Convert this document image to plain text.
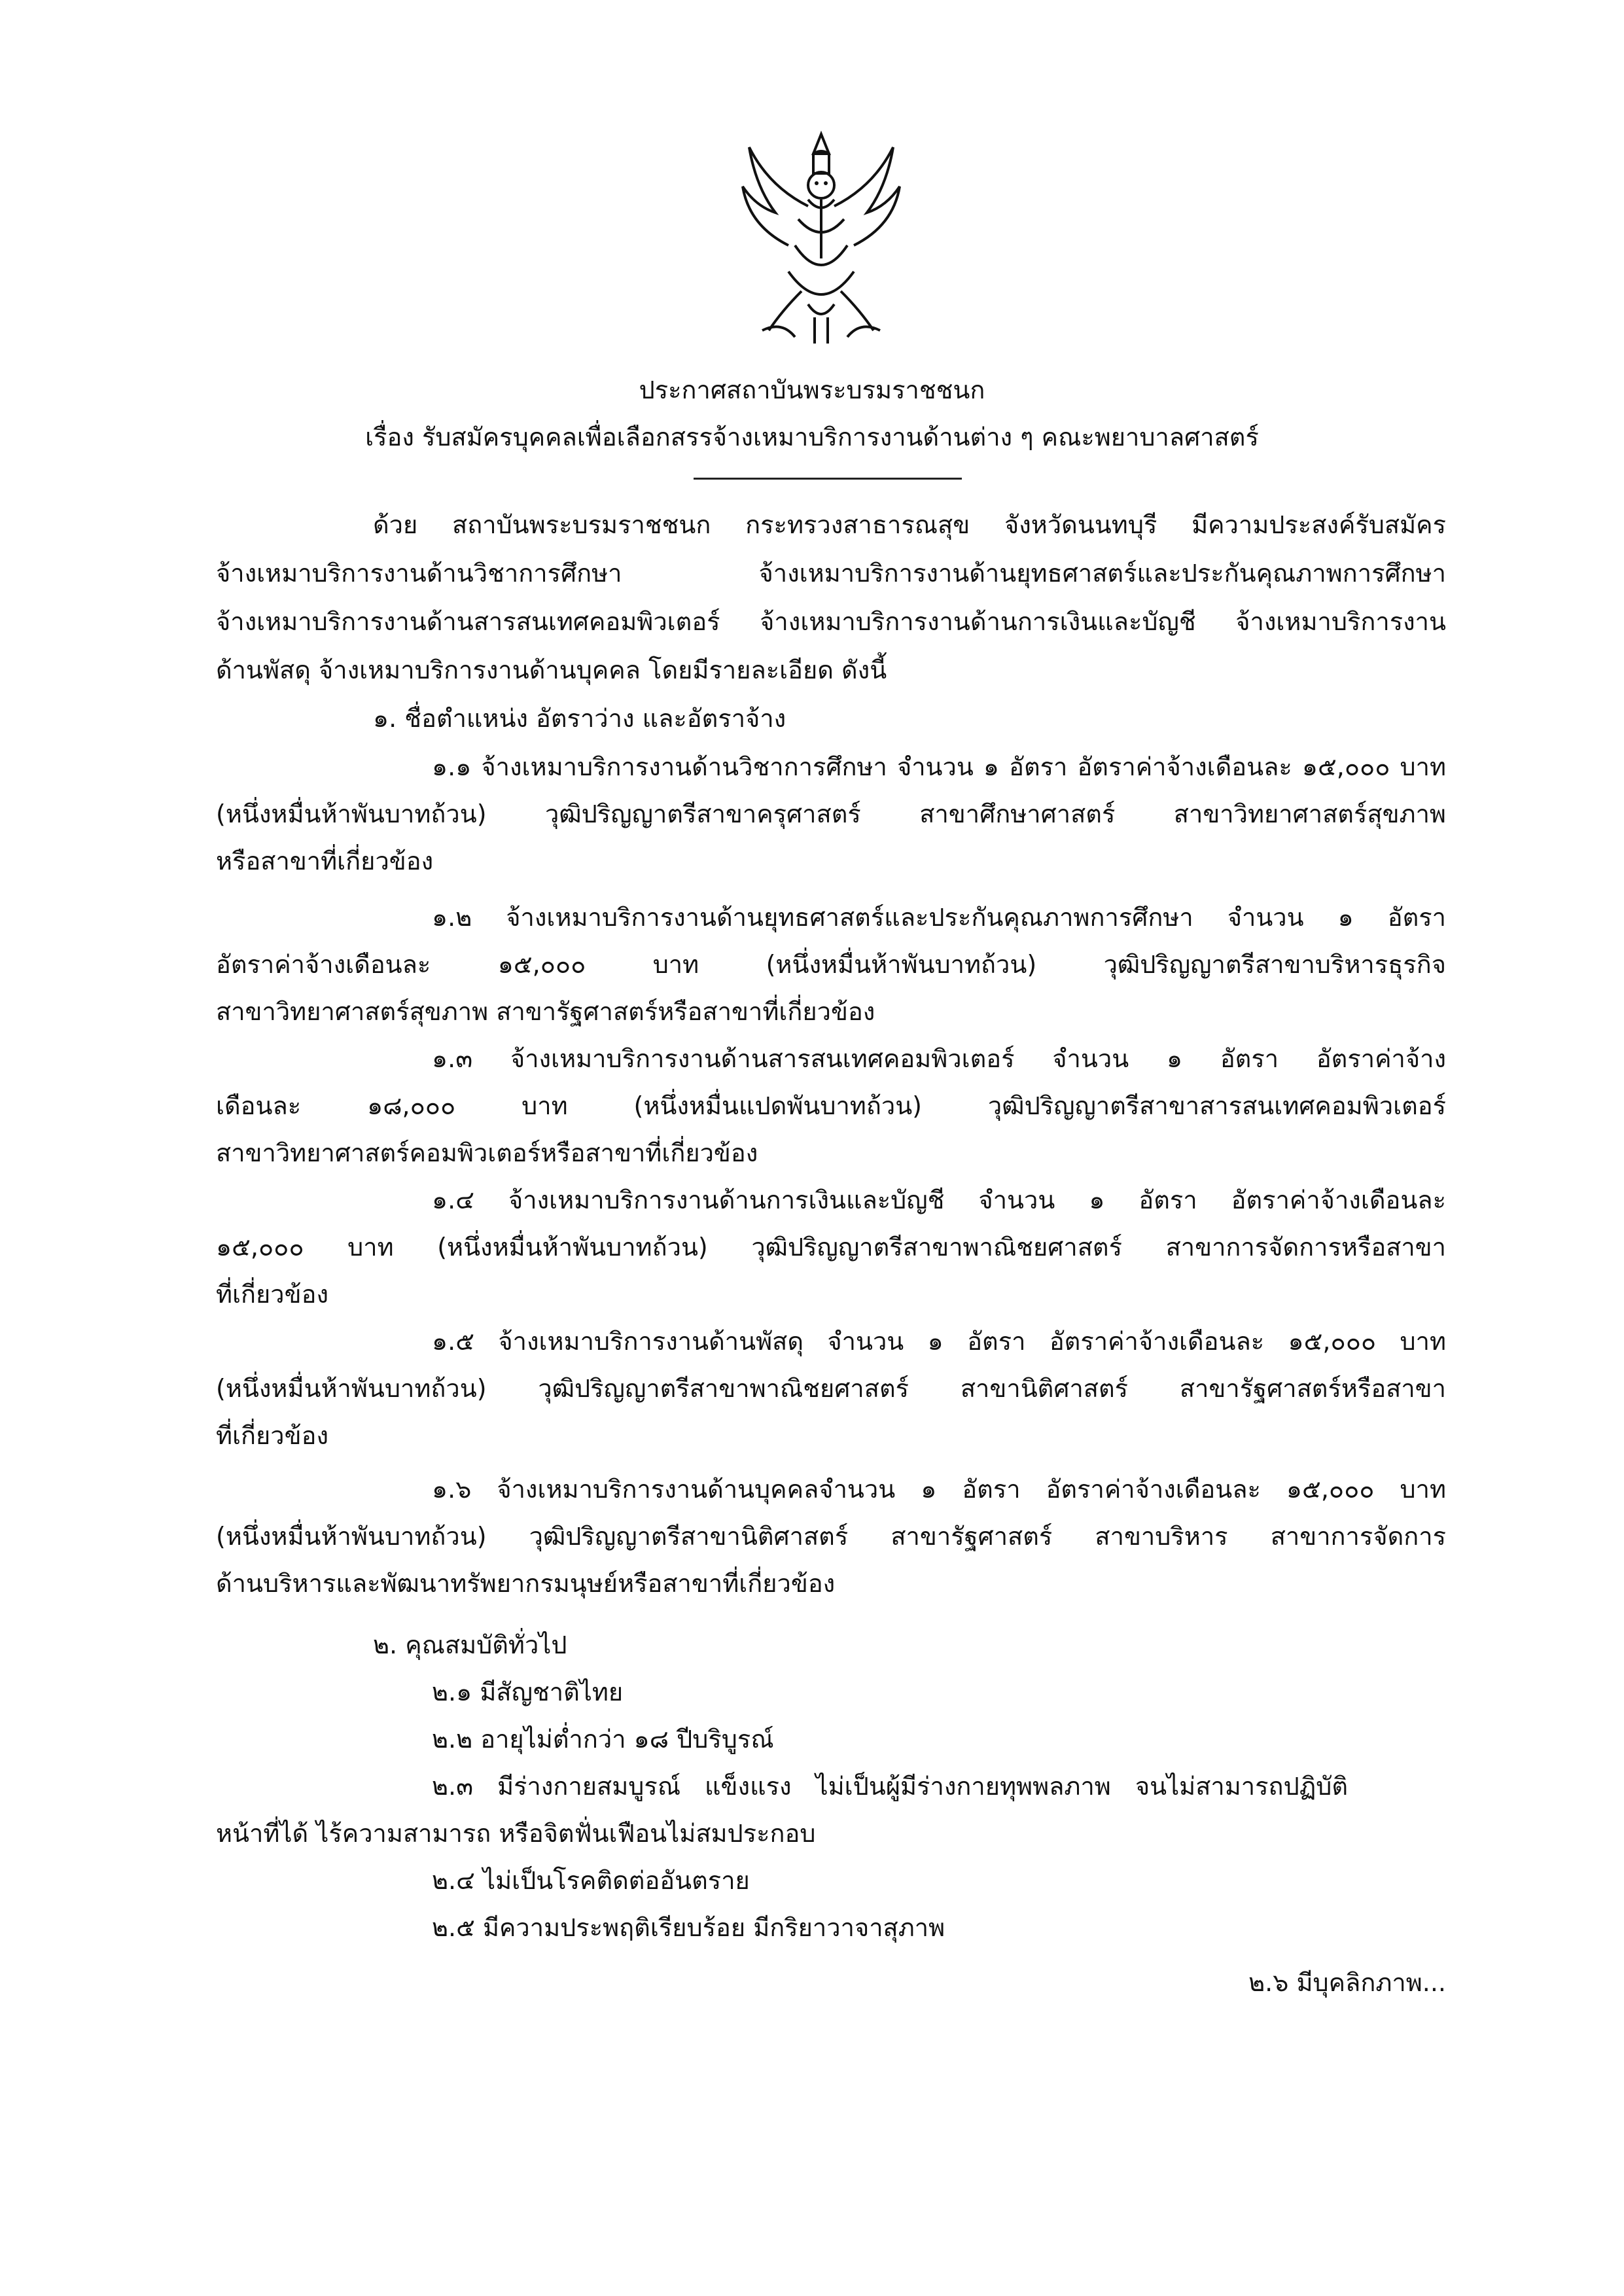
ประกาศสถาบันพระบรมราชชนก
เรื่อง รับสมัครบุคคลเพื่อเลือกสรรจ้างเหมาบริการงานด้านต่าง ๆ คณะพยาบาลศาสตร์
ด้วย สถาบันพระบรมราชชนก กระทรวงสาธารณสุข จังหวัดนนทบุรี มีความประสงค์รับสมัคร
จ้างเหมาบริการงานด้านวิชาการศึกษา จ้างเหมาบริการงานด้านยุทธศาสตร์และประกันคุณภาพการศึกษา
จ้างเหมาบริการงานด้านสารสนเทศคอมพิวเตอร์ จ้างเหมาบริการงานด้านการเงินและบัญชี จ้างเหมาบริการงาน
ด้านพัสดุ จ้างเหมาบริการงานด้านบุคคล โดยมีรายละเอียด ดังนี้
๑. ชื่อตำแหน่ง อัตราว่าง และอัตราจ้าง
๑.๑ จ้างเหมาบริการงานด้านวิชาการศึกษา จำนวน ๑ อัตรา อัตราค่าจ้างเดือนละ ๑๕,๐๐๐ บาท
(หนึ่งหมื่นห้าพันบาทถ้วน) วุฒิปริญญาตรีสาขาครุศาสตร์ สาขาศึกษาศาสตร์ สาขาวิทยาศาสตร์สุขภาพ
หรือสาขาที่เกี่ยวข้อง
๑.๒ จ้างเหมาบริการงานด้านยุทธศาสตร์และประกันคุณภาพการศึกษา จำนวน ๑ อัตรา
อัตราค่าจ้างเดือนละ ๑๕,๐๐๐ บาท (หนึ่งหมื่นห้าพันบาทถ้วน) วุฒิปริญญาตรีสาขาบริหารธุรกิจ
สาขาวิทยาศาสตร์สุขภาพ สาขารัฐศาสตร์หรือสาขาที่เกี่ยวข้อง
๑.๓ จ้างเหมาบริการงานด้านสารสนเทศคอมพิวเตอร์ จำนวน ๑ อัตรา อัตราค่าจ้าง
เดือนละ ๑๘,๐๐๐ บาท (หนึ่งหมื่นแปดพันบาทถ้วน) วุฒิปริญญาตรีสาขาสารสนเทศคอมพิวเตอร์
สาขาวิทยาศาสตร์คอมพิวเตอร์หรือสาขาที่เกี่ยวข้อง
๑.๔ จ้างเหมาบริการงานด้านการเงินและบัญชี จำนวน ๑ อัตรา อัตราค่าจ้างเดือนละ
๑๕,๐๐๐ บาท (หนึ่งหมื่นห้าพันบาทถ้วน) วุฒิปริญญาตรีสาขาพาณิชยศาสตร์ สาขาการจัดการหรือสาขา
ที่เกี่ยวข้อง
๑.๕ จ้างเหมาบริการงานด้านพัสดุ จำนวน ๑ อัตรา อัตราค่าจ้างเดือนละ ๑๕,๐๐๐ บาท
(หนึ่งหมื่นห้าพันบาทถ้วน) วุฒิปริญญาตรีสาขาพาณิชยศาสตร์ สาขานิติศาสตร์ สาขารัฐศาสตร์หรือสาขา
ที่เกี่ยวข้อง
๑.๖ จ้างเหมาบริการงานด้านบุคคลจำนวน ๑ อัตรา อัตราค่าจ้างเดือนละ ๑๕,๐๐๐ บาท
(หนึ่งหมื่นห้าพันบาทถ้วน) วุฒิปริญญาตรีสาขานิติศาสตร์ สาขารัฐศาสตร์ สาขาบริหาร สาขาการจัดการ
ด้านบริหารและพัฒนาทรัพยากรมนุษย์หรือสาขาที่เกี่ยวข้อง
๒. คุณสมบัติทั่วไป
๒.๑ มีสัญชาติไทย
๒.๒ อายุไม่ต่ำกว่า ๑๘ ปีบริบูรณ์
๒.๓ มีร่างกายสมบูรณ์ แข็งแรง ไม่เป็นผู้มีร่างกายทุพพลภาพ จนไม่สามารถปฏิบัติ
หน้าที่ได้ ไร้ความสามารถ หรือจิตฟั่นเฟือนไม่สมประกอบ
๒.๔ ไม่เป็นโรคติดต่ออันตราย
๒.๕ มีความประพฤติเรียบร้อย มีกริยาวาจาสุภาพ
๒.๖ มีบุคลิกภาพ...
